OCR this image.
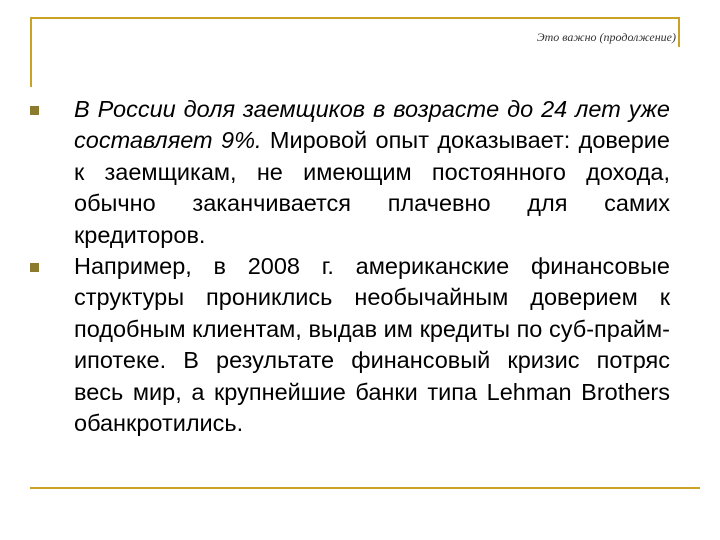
Это важно (продолжение)

В России доля заемщиков в возрасте до 24 лет уже составляет 9%. Мировой опыт доказывает: доверие к заемщикам, не имеющим постоянного дохода, обычно заканчивается плачевно для самих кредиторов.

Например, в 2008 г. американские финансовые структуры прониклись необычайным доверием к подобным клиентам, выдав им кредиты по суб-прайм-ипотеке. В результате финансовый кризис потряс весь мир, а крупнейшие банки типа Lehman Brothers обанкротились.
